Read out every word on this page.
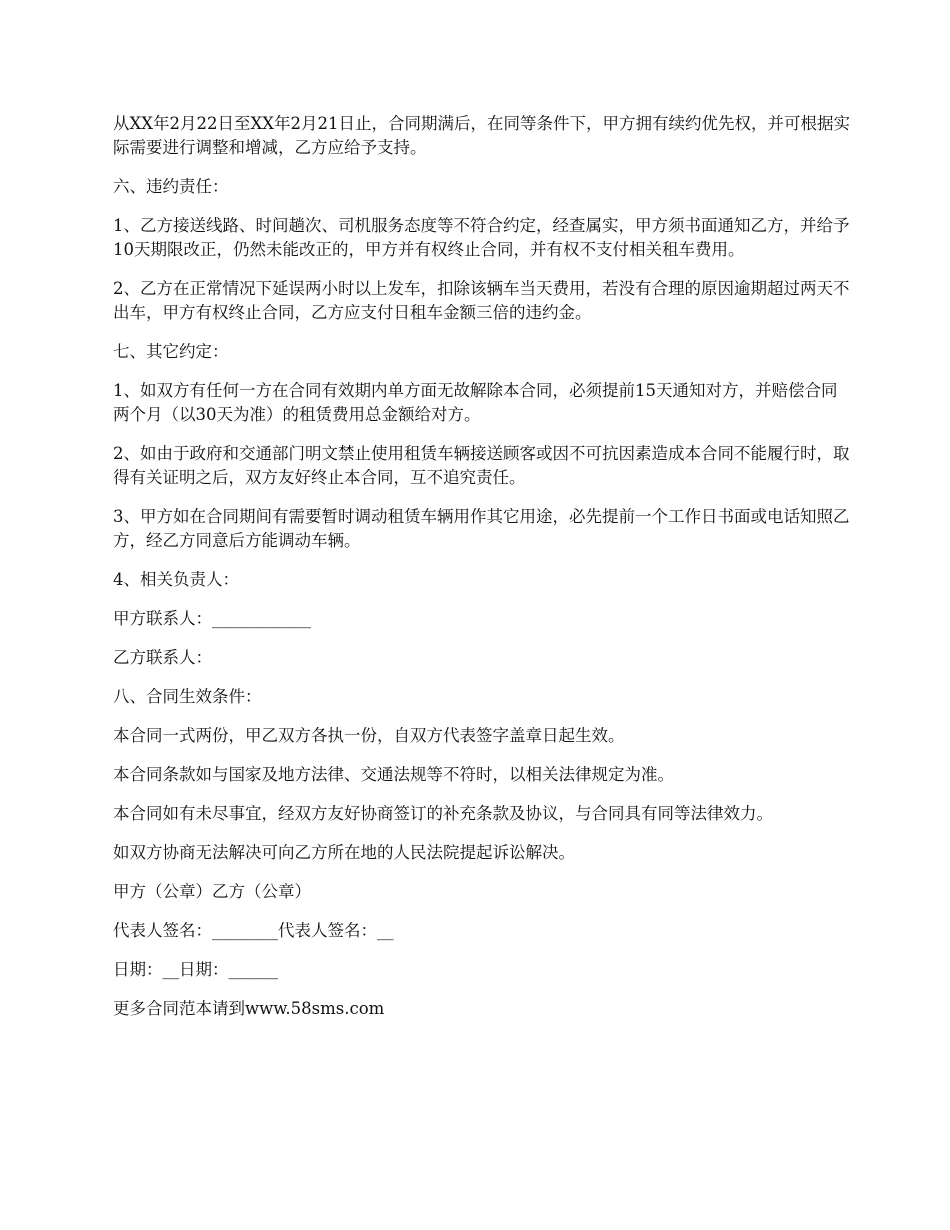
从XX年2月22日至XX年2月21日止，合同期满后，在同等条件下，甲方拥有续约优先权，并可根据实际需要进行调整和增减，乙方应给予支持。

六、违约责任：

1、乙方接送线路、时间趟次、司机服务态度等不符合约定，经查属实，甲方须书面通知乙方，并给予10天期限改正，仍然未能改正的，甲方并有权终止合同，并有权不支付相关租车费用。

2、乙方在正常情况下延误两小时以上发车，扣除该辆车当天费用，若没有合理的原因逾期超过两天不出车，甲方有权终止合同，乙方应支付日租车金额三倍的违约金。

七、其它约定：

1、如双方有任何一方在合同有效期内单方面无故解除本合同，必须提前15天通知对方，并赔偿合同两个月（以30天为准）的租赁费用总金额给对方。

2、如由于政府和交通部门明文禁止使用租赁车辆接送顾客或因不可抗因素造成本合同不能履行时，取得有关证明之后，双方友好终止本合同，互不追究责任。

3、甲方如在合同期间有需要暂时调动租赁车辆用作其它用途，必先提前一个工作日书面或电话知照乙方，经乙方同意后方能调动车辆。

4、相关负责人：

甲方联系人：____________

乙方联系人：

八、合同生效条件：

本合同一式两份，甲乙双方各执一份，自双方代表签字盖章日起生效。

本合同条款如与国家及地方法律、交通法规等不符时，以相关法律规定为准。

本合同如有未尽事宜，经双方友好协商签订的补充条款及协议，与合同具有同等法律效力。

如双方协商无法解决可向乙方所在地的人民法院提起诉讼解决。

甲方（公章）乙方（公章）

代表人签名：________代表人签名：__

日期：__日期：______

更多合同范本请到www.58sms.com
